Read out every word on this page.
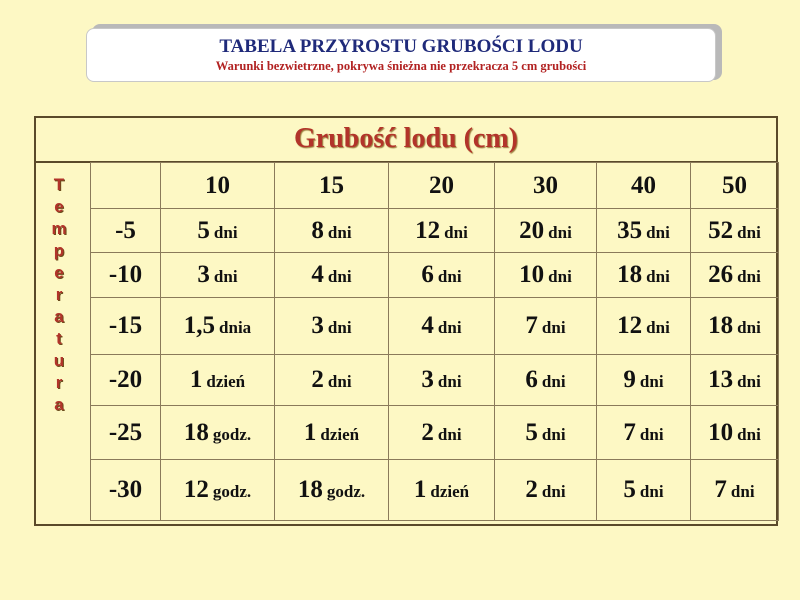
TABELA PRZYROSTU GRUBOŚCI LODU
Warunki bezwietrzne, pokrywa śnieżna nie przekracza 5 cm grubości
Grubość lodu (cm)
T
e
m
p
e
r
a
t
u
r
a
	10	15	20	30	40	50
-5	5 dni	8 dni	12 dni	20 dni	35 dni	52 dni
-10	3 dni	4 dni	6 dni	10 dni	18 dni	26 dni
-15	1,5 dnia	3 dni	4 dni	7 dni	12 dni	18 dni
-20	1 dzień	2 dni	3 dni	6 dni	9 dni	13 dni
-25	18 godz.	1 dzień	2 dni	5 dni	7 dni	10 dni
-30	12 godz.	18 godz.	1 dzień	2 dni	5 dni	7 dni
